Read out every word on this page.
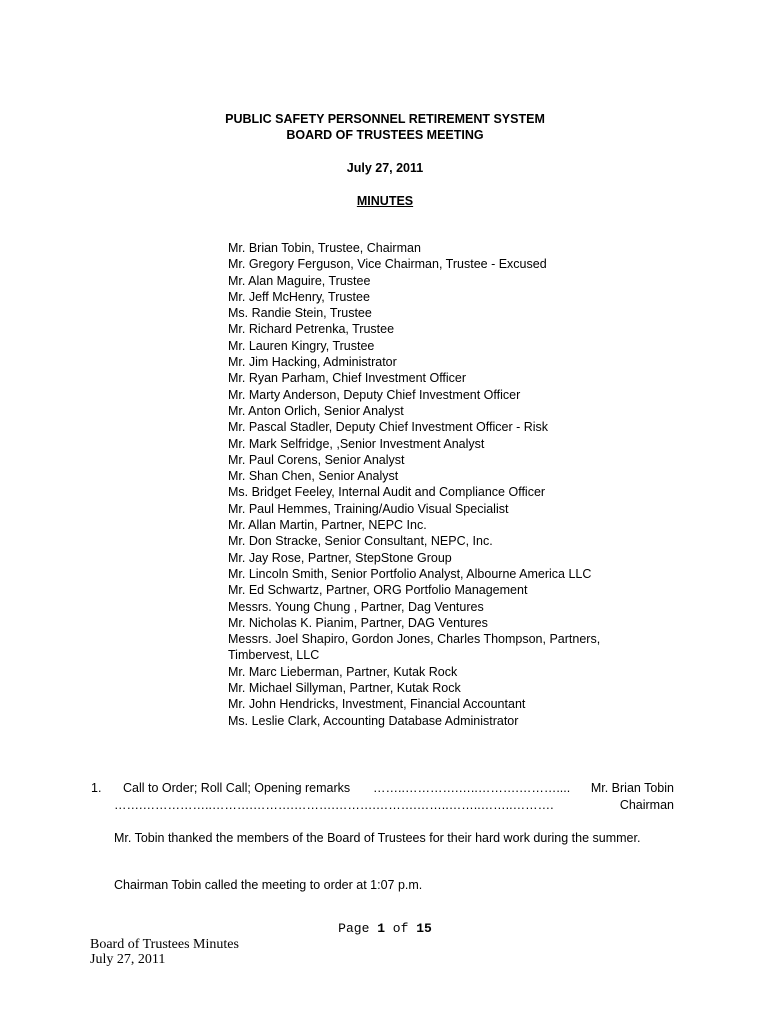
PUBLIC SAFETY PERSONNEL RETIREMENT SYSTEM
BOARD OF TRUSTEES MEETING
July 27, 2011
MINUTES
Mr. Brian Tobin, Trustee, Chairman
Mr. Gregory Ferguson, Vice Chairman, Trustee - Excused
Mr. Alan Maguire, Trustee
Mr. Jeff McHenry, Trustee
Ms. Randie Stein, Trustee
Mr. Richard Petrenka, Trustee
Mr. Lauren Kingry, Trustee
Mr. Jim Hacking, Administrator
Mr. Ryan Parham, Chief Investment Officer
Mr. Marty Anderson, Deputy Chief Investment Officer
Mr. Anton Orlich, Senior Analyst
Mr. Pascal Stadler, Deputy Chief Investment Officer - Risk
Mr. Mark Selfridge, ,Senior Investment Analyst
Mr. Paul Corens, Senior Analyst
Mr. Shan Chen, Senior Analyst
Ms. Bridget Feeley, Internal Audit and Compliance Officer
Mr. Paul Hemmes, Training/Audio Visual Specialist
Mr. Allan Martin, Partner, NEPC Inc.
Mr. Don Stracke, Senior Consultant, NEPC, Inc.
Mr. Jay Rose, Partner, StepStone Group
Mr. Lincoln Smith, Senior Portfolio Analyst, Albourne America LLC
Mr. Ed Schwartz, Partner, ORG Portfolio Management
Messrs. Young Chung , Partner, Dag Ventures
Mr. Nicholas K. Pianim, Partner, DAG Ventures
Messrs. Joel Shapiro, Gordon Jones, Charles Thompson, Partners,
Timbervest, LLC
Mr. Marc Lieberman, Partner, Kutak Rock
Mr. Michael Sillyman, Partner, Kutak Rock
Mr. John Hendricks, Investment, Financial Accountant
Ms. Leslie Clark, Accounting Database Administrator
1. Call to Order; Roll Call; Opening remarks ……..………….…..……….………....	Mr. Brian Tobin
…….……………..……….……….……….……….……….……..……..……..……….	Chairman
Mr. Tobin thanked the members of the Board of Trustees for their hard work during the summer.
Chairman Tobin called the meeting to order at 1:07 p.m.
Page 1 of 15
Board of Trustees Minutes
July 27, 2011
